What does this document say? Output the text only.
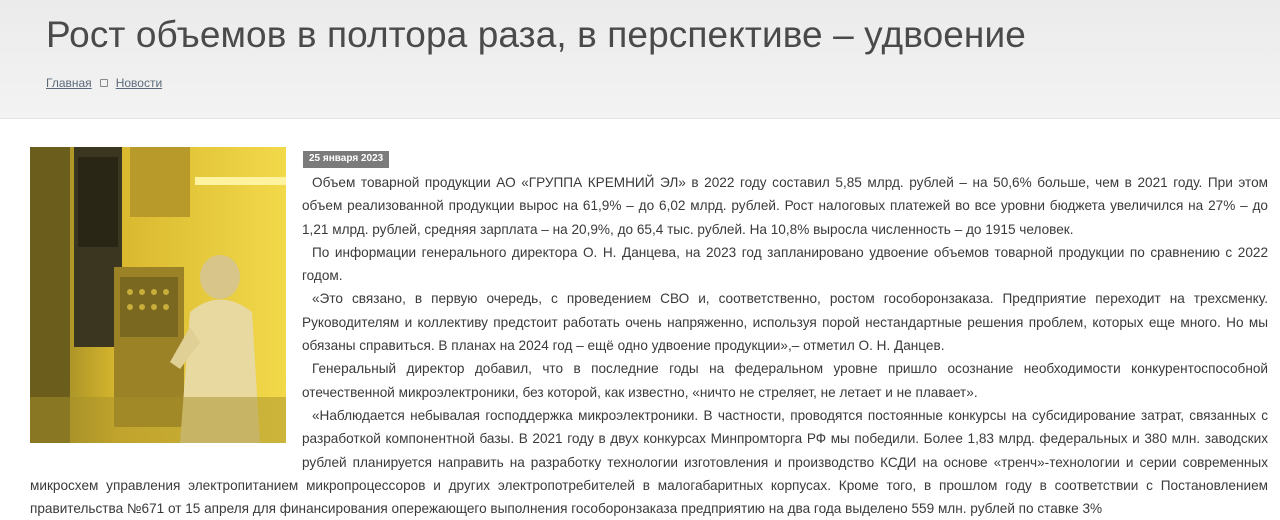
Рост объемов в полтора раза, в перспективе – удвоение
Главная Новости
25 января 2023

Объем товарной продукции АО «ГРУППА КРЕМНИЙ ЭЛ» в 2022 году составил 5,85 млрд. рублей – на 50,6% больше, чем в 2021 году. При этом объем реализованной продукции вырос на 61,9% – до 6,02 млрд. рублей. Рост налоговых платежей во все уровни бюджета увеличился на 27% – до 1,21 млрд. рублей, средняя зарплата – на 20,9%, до 65,4 тыс. рублей. На 10,8% выросла численность – до 1915 человек.

По информации генерального директора О. Н. Данцева, на 2023 год запланировано удвоение объемов товарной продукции по сравнению с 2022 годом.

«Это связано, в первую очередь, с проведением СВО и, соответственно, ростом гособоронзаказа. Предприятие переходит на трехсменку. Руководителям и коллективу предстоит работать очень напряженно, используя порой нестандартные решения проблем, которых еще много. Но мы обязаны справиться. В планах на 2024 год – ещё одно удвоение продукции»,– отметил О. Н. Данцев.

Генеральный директор добавил, что в последние годы на федеральном уровне пришло осознание необходимости конкурентоспособной отечественной микроэлектроники, без которой, как известно, «ничто не стреляет, не летает и не плавает».

«Наблюдается небывалая господдержка микроэлектроники. В частности, проводятся постоянные конкурсы на субсидирование затрат, связанных с разработкой компонентной базы. В 2021 году в двух конкурсах Минпромторга РФ мы победили. Более 1,83 млрд. федеральных и 380 млн. заводских рублей планируется направить на разработку технологии изготовления и производство КСДИ на основе «тренч»-технологии и серии современных микросхем управления электропитанием микропроцессоров и других электропотребителей в малогабаритных корпусах. Кроме того, в прошлом году в соответствии с Постановлением правительства №671 от 15 апреля для финансирования опережающего выполнения гособоронзаказа предприятию на два года выделено 559 млн. рублей по ставке 3%
